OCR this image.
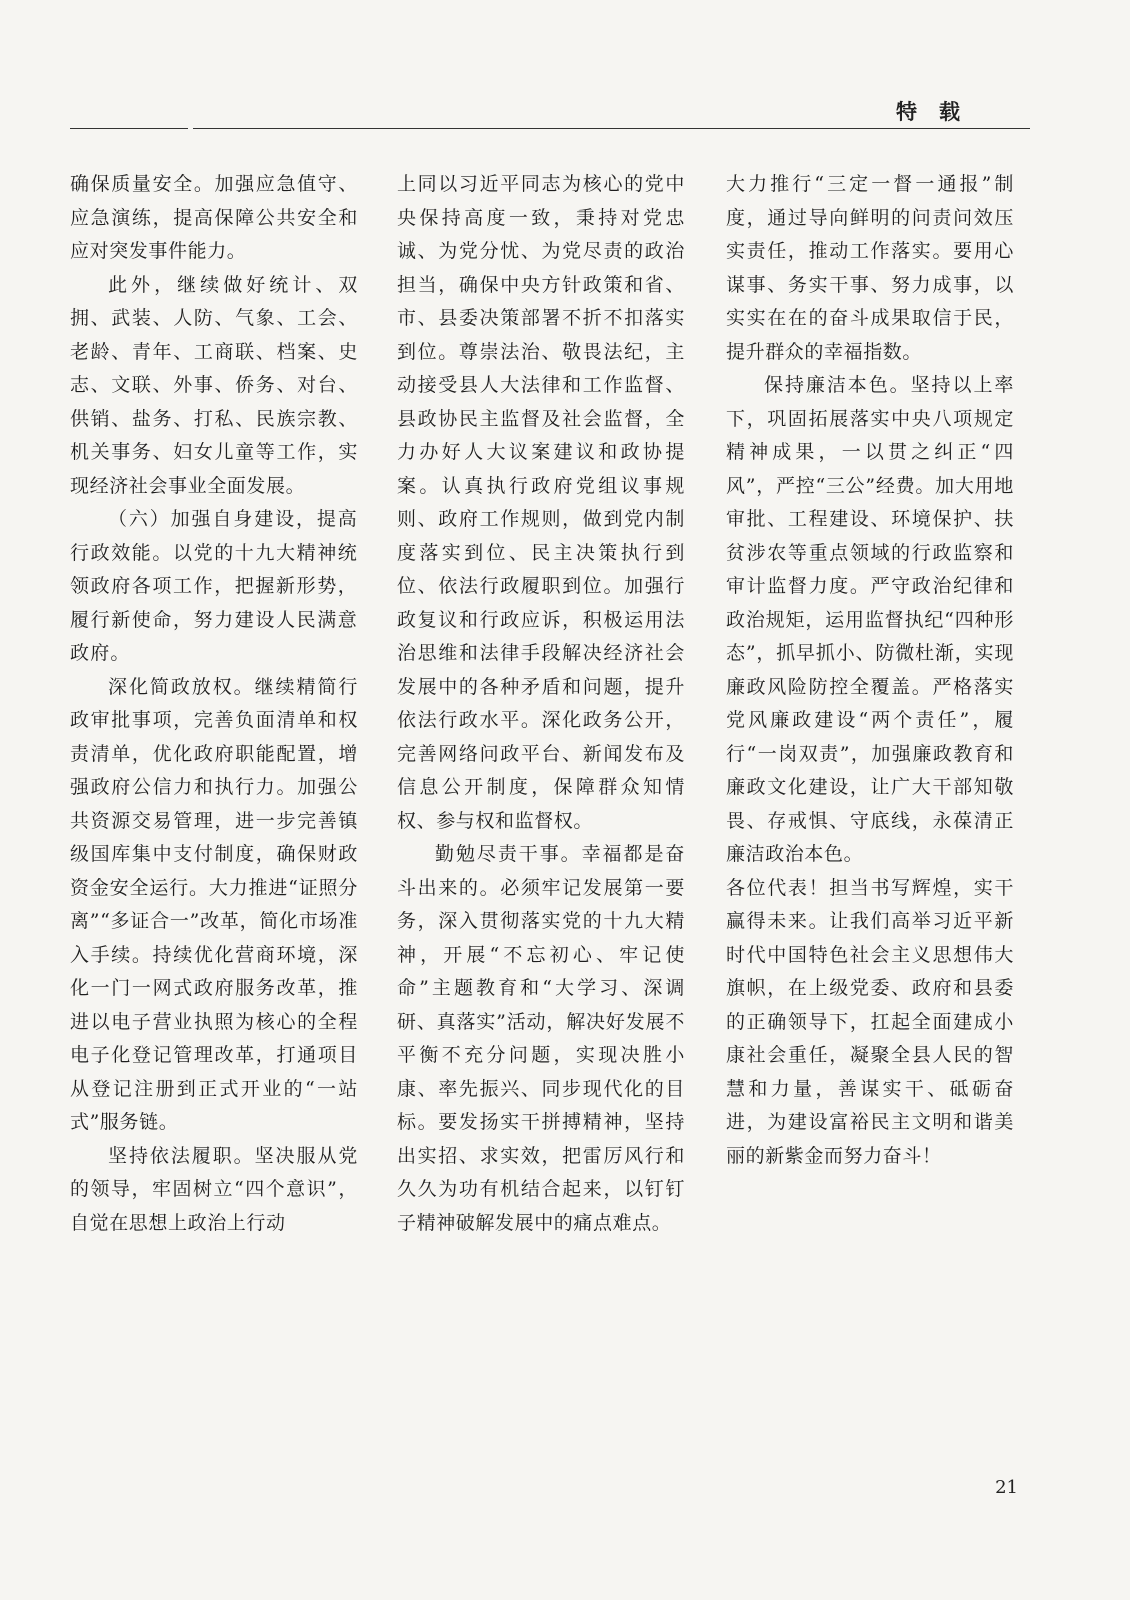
特载

确保质量安全。加强应急值守、应急演练，提高保障公共安全和应对突发事件能力。

此外，继续做好统计、双拥、武装、人防、气象、工会、老龄、青年、工商联、档案、史志、文联、外事、侨务、对台、供销、盐务、打私、民族宗教、机关事务、妇女儿童等工作，实现经济社会事业全面发展。

（六）加强自身建设，提高行政效能。以党的十九大精神统领政府各项工作，把握新形势，履行新使命，努力建设人民满意政府。

深化简政放权。继续精简行政审批事项，完善负面清单和权责清单，优化政府职能配置，增强政府公信力和执行力。加强公共资源交易管理，进一步完善镇级国库集中支付制度，确保财政资金安全运行。大力推进“证照分离”“多证合一”改革，简化市场准入手续。持续优化营商环境，深化一门一网式政府服务改革，推进以电子营业执照为核心的全程电子化登记管理改革，打通项目从登记注册到正式开业的“一站式”服务链。

坚持依法履职。坚决服从党的领导，牢固树立“四个意识”，自觉在思想上政治上行动

上同以习近平同志为核心的党中央保持高度一致，秉持对党忠诚、为党分忧、为党尽责的政治担当，确保中央方针政策和省、市、县委决策部署不折不扣落实到位。尊崇法治、敬畏法纪，主动接受县人大法律和工作监督、县政协民主监督及社会监督，全力办好人大议案建议和政协提案。认真执行政府党组议事规则、政府工作规则，做到党内制度落实到位、民主决策执行到位、依法行政履职到位。加强行政复议和行政应诉，积极运用法治思维和法律手段解决经济社会发展中的各种矛盾和问题，提升依法行政水平。深化政务公开，完善网络问政平台、新闻发布及信息公开制度，保障群众知情权、参与权和监督权。

勤勉尽责干事。幸福都是奋斗出来的。必须牢记发展第一要务，深入贯彻落实党的十九大精神，开展“不忘初心、牢记使命”主题教育和“大学习、深调研、真落实”活动，解决好发展不平衡不充分问题，实现决胜小康、率先振兴、同步现代化的目标。要发扬实干拼搏精神，坚持出实招、求实效，把雷厉风行和久久为功有机结合起来，以钉钉子精神破解发展中的痛点难点。

大力推行“三定一督一通报”制度，通过导向鲜明的问责问效压实责任，推动工作落实。要用心谋事、务实干事、努力成事，以实实在在的奋斗成果取信于民，提升群众的幸福指数。

保持廉洁本色。坚持以上率下，巩固拓展落实中央八项规定精神成果，一以贯之纠正“四风”，严控“三公”经费。加大用地审批、工程建设、环境保护、扶贫涉农等重点领域的行政监察和审计监督力度。严守政治纪律和政治规矩，运用监督执纪“四种形态”，抓早抓小、防微杜渐，实现廉政风险防控全覆盖。严格落实党风廉政建设“两个责任”，履行“一岗双责”，加强廉政教育和廉政文化建设，让广大干部知敬畏、存戒惧、守底线，永葆清正廉洁政治本色。

各位代表！担当书写辉煌，实干赢得未来。让我们高举习近平新时代中国特色社会主义思想伟大旗帜，在上级党委、政府和县委的正确领导下，扛起全面建成小康社会重任，凝聚全县人民的智慧和力量，善谋实干、砥砺奋进，为建设富裕民主文明和谐美丽的新紫金而努力奋斗！

21
